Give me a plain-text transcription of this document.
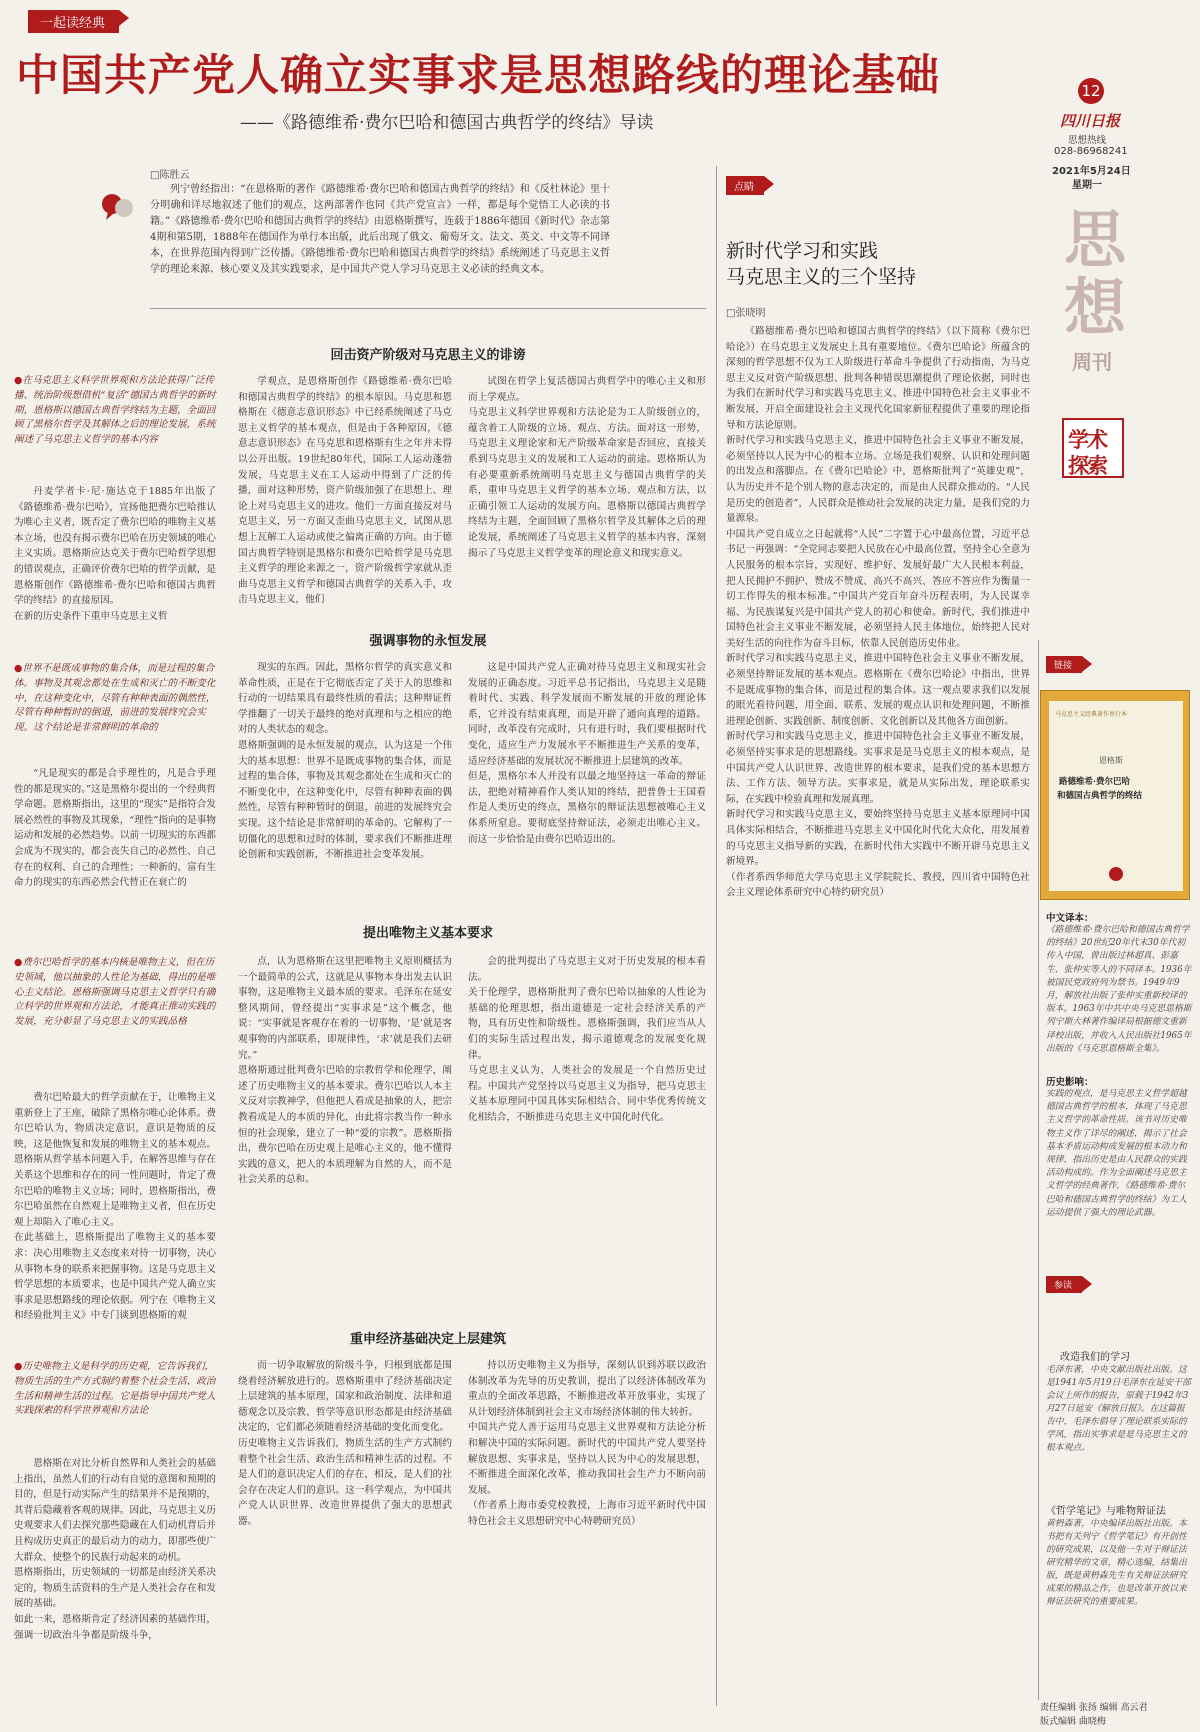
一起读经典
中国共产党人确立实事求是思想路线的理论基础
——《路德维希·费尔巴哈和德国古典哲学的终结》导读
12
四川日报
思想热线
028-86968241
2021年5月24日
星期一
思
想
周刊
学术
探索
□陈胜云
列宁曾经指出：“在恩格斯的著作《路德维希·费尔巴哈和德国古典哲学的终结》和《反杜林论》里十分明确和详尽地叙述了他们的观点，这两部著作也同《共产党宣言》一样，都是每个觉悟工人必读的书籍。”《路德维希·费尔巴哈和德国古典哲学的终结》由恩格斯撰写，连载于1886年德国《新时代》杂志第4期和第5期，1888年在德国作为单行本出版，此后出现了俄文、葡萄牙文、法文、英文、中文等不同译本，在世界范围内得到广泛传播。《路德维希·费尔巴哈和德国古典哲学的终结》系统阐述了马克思主义哲学的理论来源、核心要义及其实践要求，是中国共产党人学习马克思主义必读的经典文本。
回击资产阶级对马克思主义的诽谤
●在马克思主义科学世界观和方法论获得广泛传播、统治阶级想借机“复活”德国古典哲学的新时期，恩格斯以德国古典哲学终结为主题，全面回顾了黑格尔哲学及其解体之后的理论发展，系统阐述了马克思主义哲学的基本内容
丹麦学者卡·尼·施达克于1885年出版了《路德维希·费尔巴哈》，宣扬他把费尔巴哈推认为唯心主义者，既否定了费尔巴哈的唯物主义基本立场，也没有揭示费尔巴哈在历史领域的唯心主义实质。恩格斯应达克关于费尔巴哈哲学思想的错误观点，正确评价费尔巴哈的哲学贡献，是恩格斯创作《路德维希·费尔巴哈和德国古典哲学的终结》的直接原因。
在新的历史条件下重申马克思主义哲
学观点，是恩格斯创作《路德维希·费尔巴哈和德国古典哲学的终结》的根本原因。马克思和恩格斯在《德意志意识形态》中已经系统阐述了马克思主义哲学的基本观点，但是由于各种原因，《德意志意识形态》在马克思和恩格斯有生之年并未得以公开出版。19世纪80年代，国际工人运动蓬勃发展，马克思主义在工人运动中得到了广泛的传播，面对这种形势，资产阶级加强了在思想上、理论上对马克思主义的进攻。他们一方面直接反对马克思主义，另一方面又歪曲马克思主义，试图从思想上瓦解工人运动或使之偏离正确的方向。由于德国古典哲学特别是黑格尔和费尔巴哈哲学是马克思主义哲学的理论来源之一，资产阶级哲学家就从歪曲马克思主义哲学和德国古典哲学的关系入手，攻击马克思主义，他们
试图在哲学上复活德国古典哲学中的唯心主义和形而上学观点。
马克思主义科学世界观和方法论是为工人阶级创立的，蕴含着工人阶级的立场、观点、方法。面对这一形势，马克思主义理论家和无产阶级革命家是否回应，直接关系到马克思主义的发展和工人运动的前途。恩格斯认为有必要重新系统阐明马克思主义与德国古典哲学的关系，重申马克思主义哲学的基本立场、观点和方法，以正确引领工人运动的发展方向。恩格斯以德国古典哲学终结为主题，全面回顾了黑格尔哲学及其解体之后的理论发展，系统阐述了马克思主义哲学的基本内容，深刻揭示了马克思主义哲学变革的理论意义和现实意义。
强调事物的永恒发展
●世界不是既成事物的集合体，而是过程的集合体。事物及其观念都处在生成和灭亡的不断变化中，在这种变化中，尽管有种种表面的偶然性，尽管有种种暂时的倒退，前进的发展终究会实现。这个结论是非常鲜明的革命的
“凡是现实的都是合乎理性的，凡是合乎理性的都是现实的。”这是黑格尔提出的一个经典哲学命题。恩格斯指出，这里的“现实”是指符合发展必然性的事物及其现象，“理性”指向的是事物运动和发展的必然趋势。以前一切现实的东西都会成为不现实的，都会丧失自己的必然性、自己存在的权利、自己的合理性；一种新的、富有生命力的现实的东西必然会代替正在衰亡的
现实的东西。因此，黑格尔哲学的真实意义和革命性质，正是在于它彻底否定了关于人的思维和行动的一切结果具有最终性质的看法；这种辩证哲学推翻了一切关于最终的绝对真理和与之相应的绝对的人类状态的观念。
恩格斯强调的是永恒发展的观点，认为这是一个伟大的基本思想：世界不是既成事物的集合体，而是过程的集合体，事物及其观念都处在生成和灭亡的不断变化中，在这种变化中，尽管有种种表面的偶然性，尽管有种种暂时的倒退，前进的发展终究会实现。这个结论是非常鲜明的革命的。它解构了一切僵化的思想和过时的体制，要求我们不断推进理论创新和实践创新，不断推进社会变革发展。
这是中国共产党人正确对待马克思主义和现实社会发展的正确态度。习近平总书记指出，马克思主义是随着时代、实践、科学发展而不断发展的开放的理论体系，它并没有结束真理，而是开辟了通向真理的道路。同时，改革没有完成时，只有进行时，我们要根据时代变化，适应生产力发展水平不断推进生产关系的变革，适应经济基础的发展状况不断推进上层建筑的改革。
但是，黑格尔本人并没有以最之地坚持这一革命的辩证法，把绝对精神看作人类认知的终结，把普鲁士王国看作是人类历史的终点，黑格尔的辩证法思想被唯心主义体系所窒息。要彻底坚持辩证法，必须走出唯心主义。而这一步恰恰是由费尔巴哈迈出的。
提出唯物主义基本要求
●费尔巴哈哲学的基本内核是唯物主义，但在历史领域，他以抽象的人性论为基础，得出的是唯心主义结论。恩格斯强调马克思主义哲学只有确立科学的世界观和方法论，才能真正推动实践的发展，充分彰显了马克思主义的实践品格
费尔巴哈最大的哲学贡献在于，让唯物主义重新登上了王座，破除了黑格尔唯心论体系。费尔巴哈认为，物质决定意识，意识是物质的反映，这是他恢复和发展的唯物主义的基本观点。恩格斯从哲学基本问题入手，在解答思维与存在关系这个思维和存在的同一性问题时，肯定了费尔巴哈的唯物主义立场；同时，恩格斯指出，费尔巴哈虽然在自然观上是唯物主义者，但在历史观上却陷入了唯心主义。
在此基础上，恩格斯提出了唯物主义的基本要求：决心用唯物主义态度来对待一切事物，决心从事物本身的联系来把握事物。这是马克思主义哲学思想的本质要求，也是中国共产党人确立实事求是思想路线的理论依据。列宁在《唯物主义和经验批判主义》中专门谈到恩格斯的观
点，认为恩格斯在这里把唯物主义原则概括为一个最简单的公式，这就是从事物本身出发去认识事物，这是唯物主义最本质的要求。毛泽东在延安整风期间，曾经提出“实事求是”这个概念，他说：“实事就是客观存在着的一切事物，‘是’就是客观事物的内部联系，即规律性，‘求’就是我们去研究。”
恩格斯通过批判费尔巴哈的宗教哲学和伦理学，阐述了历史唯物主义的基本要求。费尔巴哈以人本主义反对宗教神学，但他把人看成是抽象的人，把宗教看成是人的本质的异化，由此将宗教当作一种永恒的社会现象，建立了一种“爱的宗教”。恩格斯指出，费尔巴哈在历史观上是唯心主义的，他不懂得实践的意义，把人的本质理解为自然的人，而不是社会关系的总和。
会的批判提出了马克思主义对于历史发展的根本看法。
关于伦理学，恩格斯批判了费尔巴哈以抽象的人性论为基础的伦理思想，指出道德是一定社会经济关系的产物，具有历史性和阶级性。恩格斯强调，我们应当从人们的实际生活过程出发，揭示道德观念的发展变化规律。
马克思主义认为，人类社会的发展是一个自然历史过程。中国共产党坚持以马克思主义为指导，把马克思主义基本原理同中国具体实际相结合、同中华优秀传统文化相结合，不断推进马克思主义中国化时代化。
重申经济基础决定上层建筑
●历史唯物主义是科学的历史观，它告诉我们，物质生活的生产方式制约着整个社会生活、政治生活和精神生活的过程。它是指导中国共产党人实践探索的科学世界观和方法论
恩格斯在对比分析自然界和人类社会的基础上指出，虽然人们的行动有自觉的意图和预期的目的，但是行动实际产生的结果并不是预期的，其背后隐藏着客观的规律。因此，马克思主义历史观要求人们去探究那些隐藏在人们动机背后并且构成历史真正的最后动力的动力，即那些使广大群众、使整个的民族行动起来的动机。
恩格斯指出，历史领域的一切都是由经济关系决定的，物质生活资料的生产是人类社会存在和发展的基础。
如此一来，恩格斯肯定了经济因素的基础作用，强调一切政治斗争都是阶级斗争，
而一切争取解放的阶级斗争，归根到底都是围绕着经济解放进行的。恩格斯重申了经济基础决定上层建筑的基本原理，国家和政治制度、法律和道德观念以及宗教、哲学等意识形态都是由经济基础决定的，它们都必须随着经济基础的变化而变化。
历史唯物主义告诉我们，物质生活的生产方式制约着整个社会生活、政治生活和精神生活的过程。不是人们的意识决定人们的存在，相反，是人们的社会存在决定人们的意识。这一科学观点，为中国共产党人认识世界、改造世界提供了强大的思想武器。
持以历史唯物主义为指导，深刻认识到苏联以政治体制改革为先导的历史教训，提出了以经济体制改革为重点的全面改革思路，不断推进改革开放事业，实现了从计划经济体制到社会主义市场经济体制的伟大转折。
中国共产党人善于运用马克思主义世界观和方法论分析和解决中国的实际问题。新时代的中国共产党人要坚持解放思想、实事求是，坚持以人民为中心的发展思想，不断推进全面深化改革，推动我国社会生产力不断向前发展。
（作者系上海市委党校教授，上海市习近平新时代中国特色社会主义思想研究中心特聘研究员）
点睛
新时代学习和实践
马克思主义的三个坚持
□张晓明
《路德维希·费尔巴哈和德国古典哲学的终结》（以下简称《费尔巴哈论》）在马克思主义发展史上具有重要地位。《费尔巴哈论》所蕴含的深刻的哲学思想不仅为工人阶级进行革命斗争提供了行动指南，为马克思主义反对资产阶级思想、批判各种错误思潮提供了理论依据，同时也为我们在新时代学习和实践马克思主义、推进中国特色社会主义事业不断发展，开启全面建设社会主义现代化国家新征程提供了重要的理论指导和方法论原则。
新时代学习和实践马克思主义，推进中国特色社会主义事业不断发展，必须坚持以人民为中心的根本立场。立场是我们观察、认识和处理问题的出发点和落脚点。在《费尔巴哈论》中，恩格斯批判了“英雄史观”，认为历史并不是个别人物的意志决定的，而是由人民群众推动的。“人民是历史的创造者”，人民群众是推动社会发展的决定力量，是我们党的力量源泉。
中国共产党自成立之日起就将“人民”二字置于心中最高位置，习近平总书记一再强调：“全党同志要把人民放在心中最高位置，坚持全心全意为人民服务的根本宗旨，实现好、维护好、发展好最广大人民根本利益，把人民拥护不拥护、赞成不赞成、高兴不高兴、答应不答应作为衡量一切工作得失的根本标准。”中国共产党百年奋斗历程表明，为人民谋幸福、为民族谋复兴是中国共产党人的初心和使命。新时代，我们推进中国特色社会主义事业不断发展，必须坚持人民主体地位，始终把人民对美好生活的向往作为奋斗目标，依靠人民创造历史伟业。
新时代学习和实践马克思主义，推进中国特色社会主义事业不断发展，必须坚持辩证发展的基本观点。恩格斯在《费尔巴哈论》中指出，世界不是既成事物的集合体，而是过程的集合体。这一观点要求我们以发展的眼光看待问题，用全面、联系、发展的观点认识和处理问题，不断推进理论创新、实践创新、制度创新、文化创新以及其他各方面创新。
新时代学习和实践马克思主义，推进中国特色社会主义事业不断发展，必须坚持实事求是的思想路线。实事求是是马克思主义的根本观点，是中国共产党人认识世界、改造世界的根本要求，是我们党的基本思想方法、工作方法、领导方法。实事求是，就是从实际出发，理论联系实际，在实践中检验真理和发展真理。
新时代学习和实践马克思主义，要始终坚持马克思主义基本原理同中国具体实际相结合，不断推进马克思主义中国化时代化大众化，用发展着的马克思主义指导新的实践，在新时代伟大实践中不断开辟马克思主义新境界。
（作者系西华师范大学马克思主义学院院长、教授，四川省中国特色社会主义理论体系研究中心特约研究员）
链接
马克思主义经典著作单行本
恩格斯
路德维希·费尔巴哈
和德国古典哲学的终结
中文译本：
《路德维希·费尔巴哈和德国古典哲学的终结》20世纪20年代末30年代初传入中国，曾出版过林超真、彭嘉生、张仲实等人的不同译本。1936年被国民党政府列为禁书。1949年9月，解放社出版了张仲实重新校译的版本。1963年中共中央马克思恩格斯列宁斯大林著作编译局根据德文重新译校出版，并收入人民出版社1965年出版的《马克思恩格斯全集》。
历史影响：
实践的观点，是马克思主义哲学超越德国古典哲学的根本，体现了马克思主义哲学的革命性质。该书对历史唯物主义作了详尽的阐述，揭示了社会基本矛盾运动构成发展的根本动力和规律，指出历史是由人民群众的实践活动构成的。作为全面阐述马克思主义哲学的经典著作，《路德维希·费尔巴哈和德国古典哲学的终结》为工人运动提供了强大的理论武器。
参读
改造我们的学习
毛泽东著，中央文献出版社出版。这是1941年5月19日毛泽东在延安干部会议上所作的报告，原载于1942年3月27日延安《解放日报》。在这篇报告中，毛泽东倡导了理论联系实际的学风，指出实事求是是马克思主义的根本观点。
《哲学笔记》与唯物辩证法
黄枬森著，中央编译出版社出版。本书把有关列宁《哲学笔记》有开创性的研究成果，以及他一生对于辩证法研究精华的文章，精心选编，结集出版，既是黄枬森先生有关辩证法研究成果的精品之作，也是改革开放以来辩证法研究的重要成果。
责任编辑 张扬 编辑 高云君
版式编辑 曲晓梅
